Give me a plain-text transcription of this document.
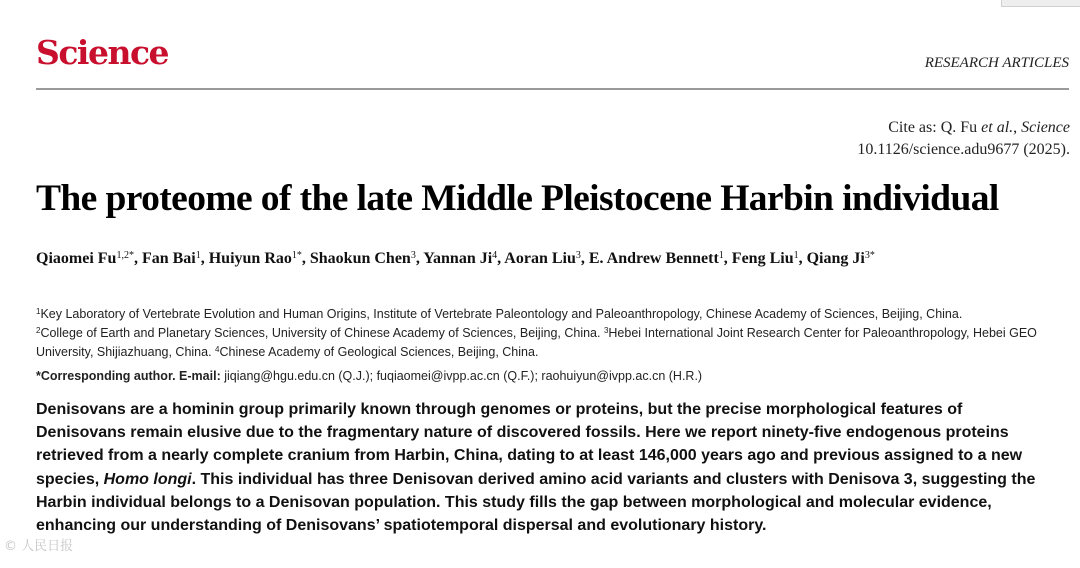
Science	RESEARCH ARTICLES
Cite as: Q. Fu et al., Science
10.1126/science.adu9677 (2025).
The proteome of the late Middle Pleistocene Harbin individual
Qiaomei $Fu^{1,2*}$, Fan Bai$^1$, Huiyun Rao$^{1*}$, Shaokun Chen$^3$, Yannan Ji$^4$, Aoran Liu$^3$, E. Andrew Bennett$^1$, Feng Liu$^1$, Qiang $Ji^{3*}$
$^1$Key Laboratory of Vertebrate Evolution and Human Origins, Institute of Vertebrate Paleontology and Paleoanthropology, Chinese Academy of Sciences, Beijing, China.
$^2$College of Earth and Planetary Sciences, University of Chinese Academy of Sciences, Beijing, China. $^3$Hebei International Joint Research Center for Paleoanthropology, Hebei GEO University, Shijiazhuang, China. $^4$Chinese Academy of Geological Sciences, Beijing, China.
*Corresponding author. E-mail: jiqiang@hgu.edu.cn (Q.J.); fuqiaomei@ivpp.ac.cn (Q.F.); raohuiyun@ivpp.ac.cn (H.R.)
Denisovans are a hominin group primarily known through genomes or proteins, but the precise morphological features of Denisovans remain elusive due to the fragmentary nature of discovered fossils. Here we report ninety-five endogenous proteins retrieved from a nearly complete cranium from Harbin, China, dating to at least 146,000 years ago and previous assigned to a new species, Homo longi. This individual has three Denisovan derived amino acid variants and clusters with Denisova 3, suggesting the Harbin individual belongs to a Denisovan population. This study fills the gap between morphological and molecular evidence, enhancing our understanding of Denisovans’ spatiotemporal dispersal and evolutionary history.
© 人民日报
